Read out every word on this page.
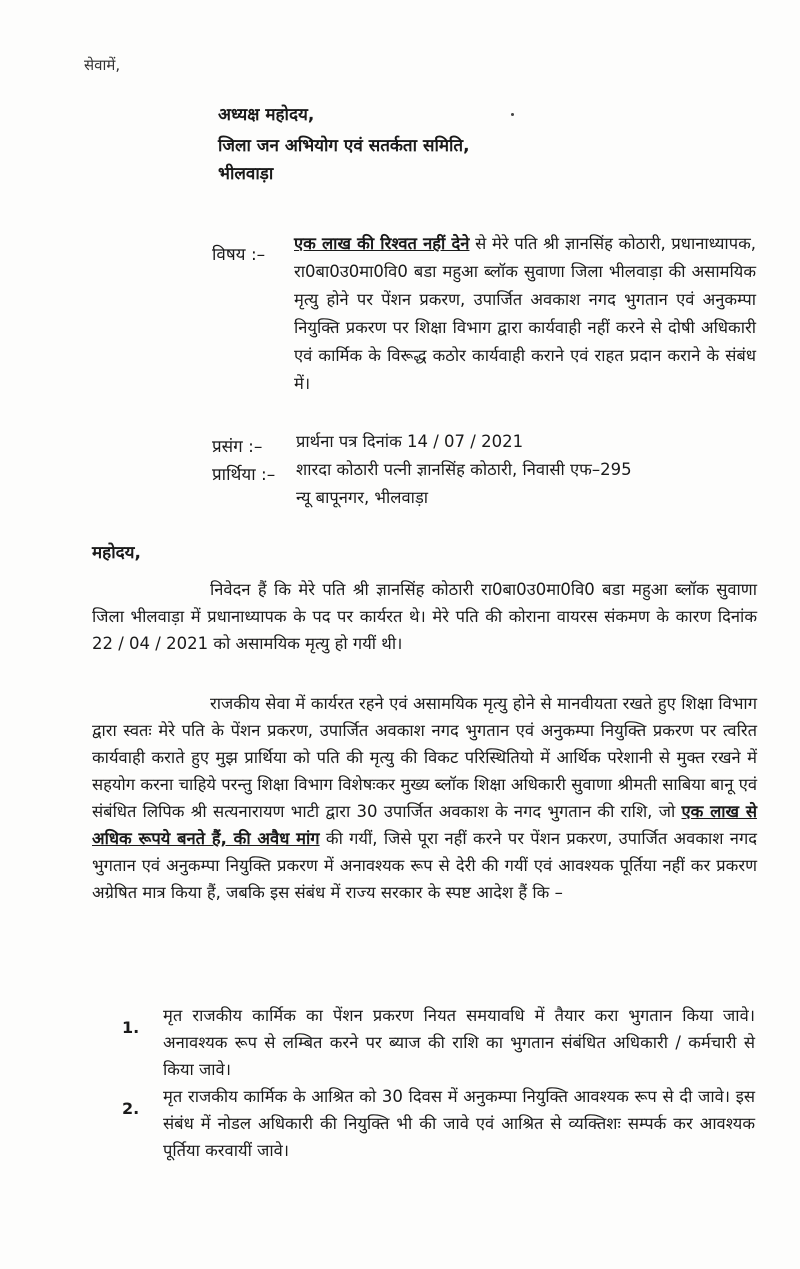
सेवामें,
अध्यक्ष महोदय,
जिला जन अभियोग एवं सतर्कता समिति,
भीलवाड़ा
विषय :–
एक लाख की रिश्वत नहीं देने से मेरे पति श्री ज्ञानसिंह कोठारी, प्रधानाध्यापक, रा0बा0उ0मा0वि0 बडा महुआ ब्लॉक सुवाणा जिला भीलवाड़ा की असामयिक मृत्यु होने पर पेंशन प्रकरण, उपार्जित अवकाश नगद भुगतान एवं अनुकम्पा नियुक्ति प्रकरण पर शिक्षा विभाग द्वारा कार्यवाही नहीं करने से दोषी अधिकारी एवं कार्मिक के विरूद्ध कठोर कार्यवाही कराने एवं राहत प्रदान कराने के संबंध में।
प्रसंग :– प्रार्थना पत्र दिनांक 14 / 07 / 2021
प्रार्थिया :– शारदा कोठारी पत्नी ज्ञानसिंह कोठारी, निवासी एफ–295
न्यू बापूनगर, भीलवाड़ा
महोदय,
निवेदन हैं कि मेरे पति श्री ज्ञानसिंह कोठारी रा0बा0उ0मा0वि0 बडा महुआ ब्लॉक सुवाणा जिला भीलवाड़ा में प्रधानाध्यापक के पद पर कार्यरत थे। मेरे पति की कोराना वायरस संकमण के कारण दिनांक 22 / 04 / 2021 को असामयिक मृत्यु हो गयीं थी।
राजकीय सेवा में कार्यरत रहने एवं असामयिक मृत्यु होने से मानवीयता रखते हुए शिक्षा विभाग द्वारा स्वतः मेरे पति के पेंशन प्रकरण, उपार्जित अवकाश नगद भुगतान एवं अनुकम्पा नियुक्ति प्रकरण पर त्वरित कार्यवाही कराते हुए मुझ प्रार्थिया को पति की मृत्यु की विकट परिस्थितियो में आर्थिक परेशानी से मुक्त रखने में सहयोग करना चाहिये परन्तु शिक्षा विभाग विशेषःकर मुख्य ब्लॉक शिक्षा अधिकारी सुवाणा श्रीमती साबिया बानू एवं संबंधित लिपिक श्री सत्यनारायण भाटी द्वारा 30 उपार्जित अवकाश के नगद भुगतान की राशि, जो एक लाख से अधिक रूपये बनते हैं, की अवैध मांग की गयीं, जिसे पूरा नहीं करने पर पेंशन प्रकरण, उपार्जित अवकाश नगद भुगतान एवं अनुकम्पा नियुक्ति प्रकरण में अनावश्यक रूप से देरी की गयीं एवं आवश्यक पूर्तिया नहीं कर प्रकरण अग्रेषित मात्र किया हैं, जबकि इस संबंध में राज्य सरकार के स्पष्ट आदेश हैं कि –
1.
मृत राजकीय कार्मिक का पेंशन प्रकरण नियत समयावधि में तैयार करा भुगतान किया जावे। अनावश्यक रूप से लम्बित करने पर ब्याज की राशि का भुगतान संबंधित अधिकारी / कर्मचारी से किया जावे।
2.
मृत राजकीय कार्मिक के आश्रित को 30 दिवस में अनुकम्पा नियुक्ति आवश्यक रूप से दी जावे। इस संबंध में नोडल अधिकारी की नियुक्ति भी की जावे एवं आश्रित से व्यक्तिशः सम्पर्क कर आवश्यक पूर्तिया करवायीं जावे।
